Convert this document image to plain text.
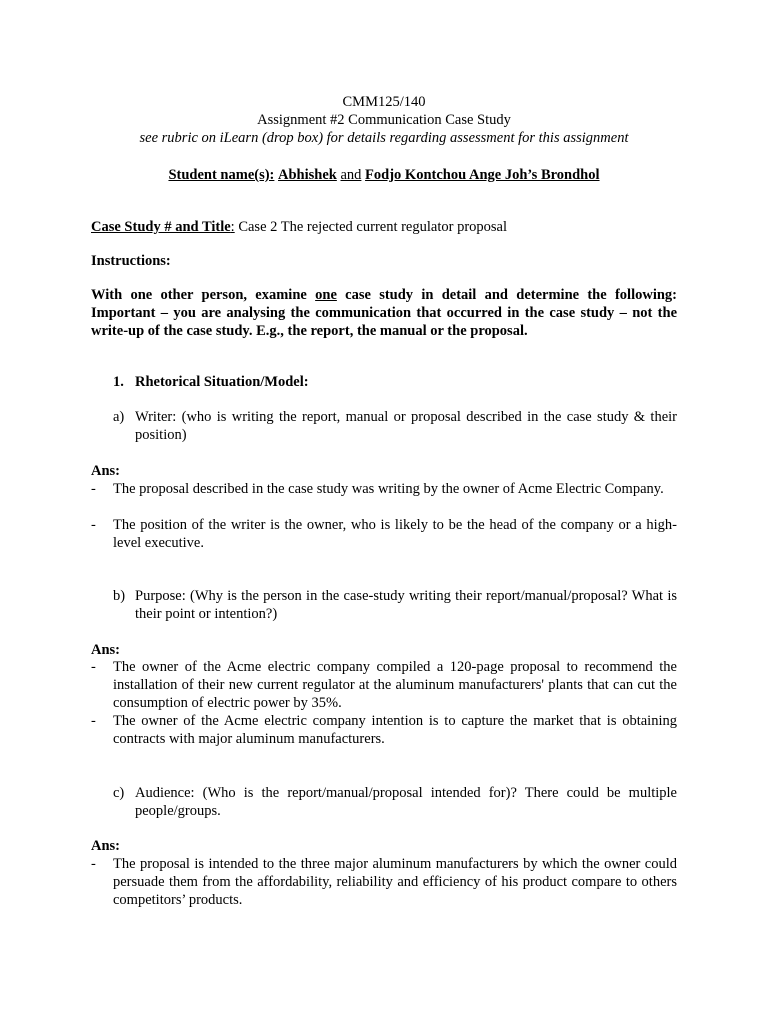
CMM125/140
Assignment #2 Communication Case Study
see rubric on iLearn (drop box) for details regarding assessment for this assignment
Student name(s): Abhishek and Fodjo Kontchou Ange Joh’s Brondhol
Case Study # and Title: Case 2 The rejected current regulator proposal
Instructions:
With one other person, examine one case study in detail and determine the following: Important – you are analysing the communication that occurred in the case study – not the write-up of the case study. E.g., the report, the manual or the proposal.
1. Rhetorical Situation/Model:
a) Writer: (who is writing the report, manual or proposal described in the case study & their position)
Ans:
- The proposal described in the case study was writing by the owner of Acme Electric Company.
- The position of the writer is the owner, who is likely to be the head of the company or a high-level executive.
b) Purpose: (Why is the person in the case-study writing their report/manual/proposal? What is their point or intention?)
Ans:
- The owner of the Acme electric company compiled a 120-page proposal to recommend the installation of their new current regulator at the aluminum manufacturers' plants that can cut the consumption of electric power by 35%.
- The owner of the Acme electric company intention is to capture the market that is obtaining contracts with major aluminum manufacturers.
c) Audience: (Who is the report/manual/proposal intended for)? There could be multiple people/groups.
Ans:
- The proposal is intended to the three major aluminum manufacturers by which the owner could persuade them from the affordability, reliability and efficiency of his product compare to others competitors’ products.
